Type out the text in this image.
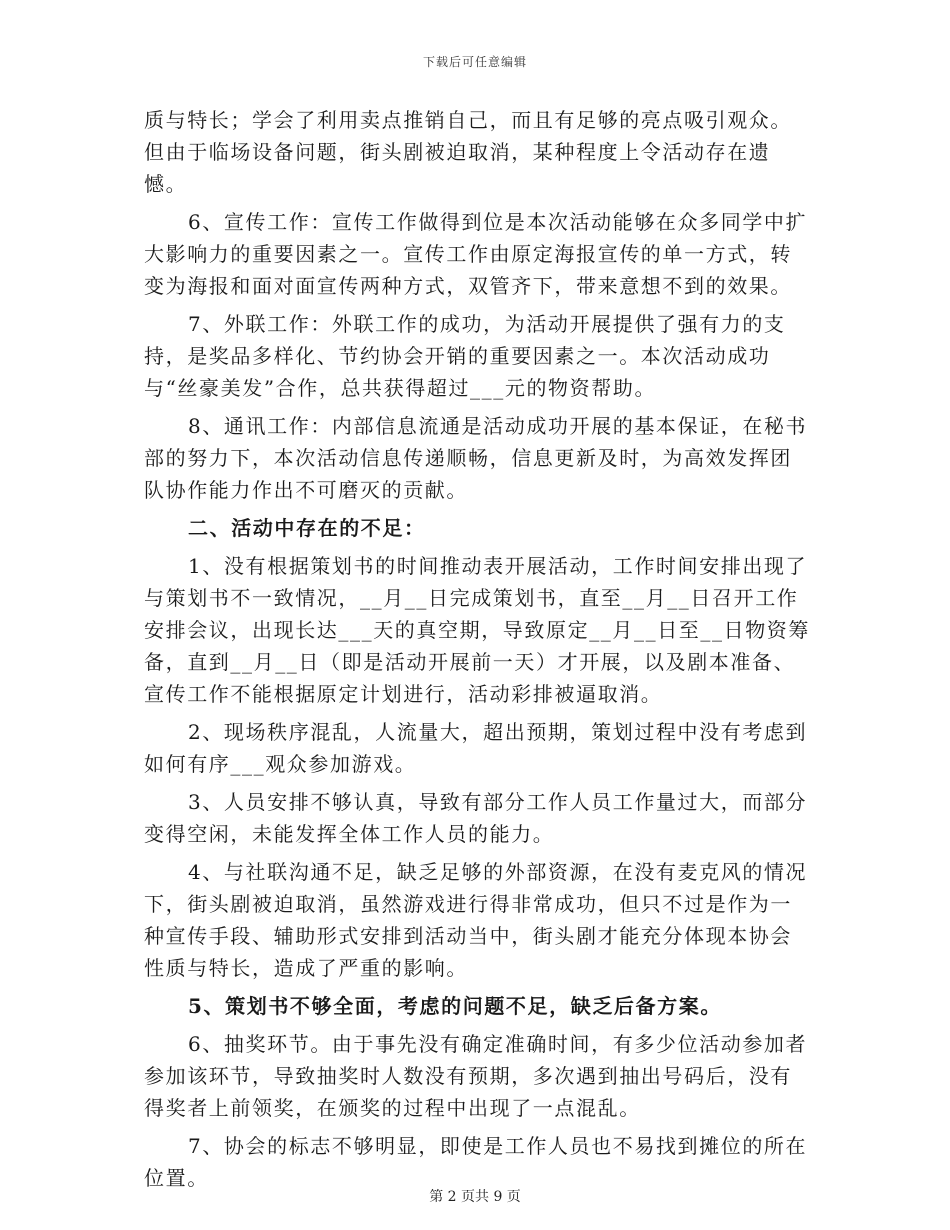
下载后可任意编辑

质与特长；学会了利用卖点推销自己，而且有足够的亮点吸引观众。但由于临场设备问题，街头剧被迫取消，某种程度上令活动存在遗憾。

6、宣传工作：宣传工作做得到位是本次活动能够在众多同学中扩大影响力的重要因素之一。宣传工作由原定海报宣传的单一方式，转变为海报和面对面宣传两种方式，双管齐下，带来意想不到的效果。

7、外联工作：外联工作的成功，为活动开展提供了强有力的支持，是奖品多样化、节约协会开销的重要因素之一。本次活动成功与“丝豪美发”合作，总共获得超过___元的物资帮助。

8、通讯工作：内部信息流通是活动成功开展的基本保证，在秘书部的努力下，本次活动信息传递顺畅，信息更新及时，为高效发挥团队协作能力作出不可磨灭的贡献。

二、活动中存在的不足：

1、没有根据策划书的时间推动表开展活动，工作时间安排出现了与策划书不一致情况，__月__日完成策划书，直至__月__日召开工作安排会议，出现长达___天的真空期，导致原定__月__日至__日物资筹备，直到__月__日（即是活动开展前一天）才开展，以及剧本准备、宣传工作不能根据原定计划进行，活动彩排被逼取消。

2、现场秩序混乱，人流量大，超出预期，策划过程中没有考虑到如何有序___观众参加游戏。

3、人员安排不够认真，导致有部分工作人员工作量过大，而部分变得空闲，未能发挥全体工作人员的能力。

4、与社联沟通不足，缺乏足够的外部资源，在没有麦克风的情况下，街头剧被迫取消，虽然游戏进行得非常成功，但只不过是作为一种宣传手段、辅助形式安排到活动当中，街头剧才能充分体现本协会性质与特长，造成了严重的影响。

5、策划书不够全面，考虑的问题不足，缺乏后备方案。

6、抽奖环节。由于事先没有确定准确时间，有多少位活动参加者参加该环节，导致抽奖时人数没有预期，多次遇到抽出号码后，没有得奖者上前领奖，在颁奖的过程中出现了一点混乱。

7、协会的标志不够明显，即使是工作人员也不易找到摊位的所在位置。

第 2 页共 9 页
